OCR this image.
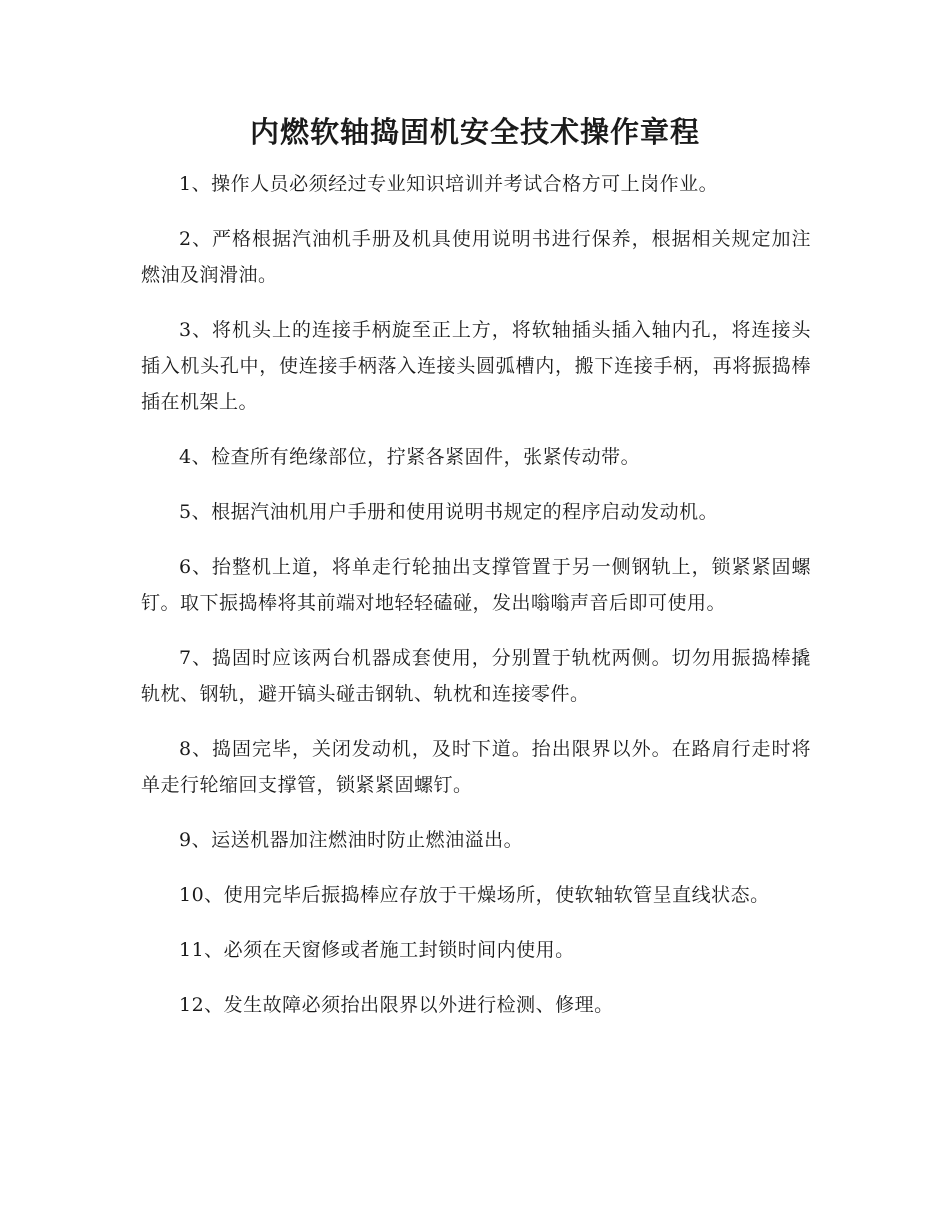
内燃软轴捣固机安全技术操作章程

1、操作人员必须经过专业知识培训并考试合格方可上岗作业。

2、严格根据汽油机手册及机具使用说明书进行保养，根据相关规定加注燃油及润滑油。

3、将机头上的连接手柄旋至正上方，将软轴插头插入轴内孔，将连接头插入机头孔中，使连接手柄落入连接头圆弧槽内，搬下连接手柄，再将振捣棒插在机架上。

4、检查所有绝缘部位，拧紧各紧固件，张紧传动带。

5、根据汽油机用户手册和使用说明书规定的程序启动发动机。

6、抬整机上道，将单走行轮抽出支撑管置于另一侧钢轨上，锁紧紧固螺钉。取下振捣棒将其前端对地轻轻磕碰，发出嗡嗡声音后即可使用。

7、捣固时应该两台机器成套使用，分别置于轨枕两侧。切勿用振捣棒撬轨枕、钢轨，避开镐头碰击钢轨、轨枕和连接零件。

8、捣固完毕，关闭发动机，及时下道。抬出限界以外。在路肩行走时将单走行轮缩回支撑管，锁紧紧固螺钉。

9、运送机器加注燃油时防止燃油溢出。

10、使用完毕后振捣棒应存放于干燥场所，使软轴软管呈直线状态。

11、必须在天窗修或者施工封锁时间内使用。

12、发生故障必须抬出限界以外进行检测、修理。
